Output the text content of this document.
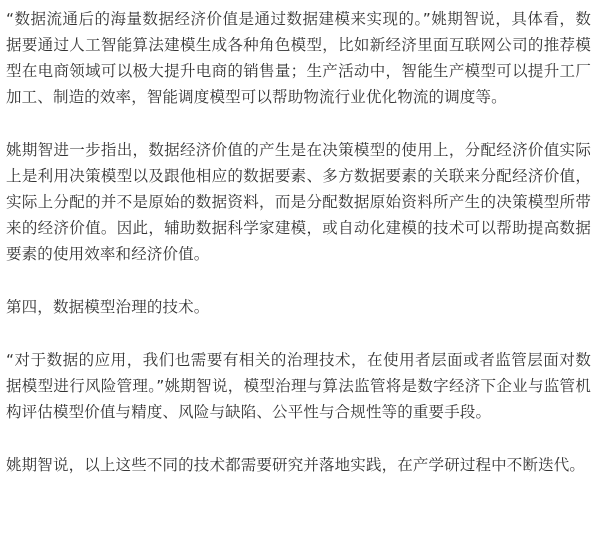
“数据流通后的海量数据经济价值是通过数据建模来实现的。”姚期智说，具体看，数据要通过人工智能算法建模生成各种角色模型，比如新经济里面互联网公司的推荐模型在电商领域可以极大提升电商的销售量；生产活动中，智能生产模型可以提升工厂加工、制造的效率，智能调度模型可以帮助物流行业优化物流的调度等。

姚期智进一步指出，数据经济价值的产生是在决策模型的使用上，分配经济价值实际上是利用决策模型以及跟他相应的数据要素、多方数据要素的关联来分配经济价值，实际上分配的并不是原始的数据资料，而是分配数据原始资料所产生的决策模型所带来的经济价值。因此，辅助数据科学家建模，或自动化建模的技术可以帮助提高数据要素的使用效率和经济价值。

第四，数据模型治理的技术。

“对于数据的应用，我们也需要有相关的治理技术，在使用者层面或者监管层面对数据模型进行风险管理。”姚期智说，模型治理与算法监管将是数字经济下企业与监管机构评估模型价值与精度、风险与缺陷、公平性与合规性等的重要手段。

姚期智说，以上这些不同的技术都需要研究并落地实践，在产学研过程中不断迭代。
